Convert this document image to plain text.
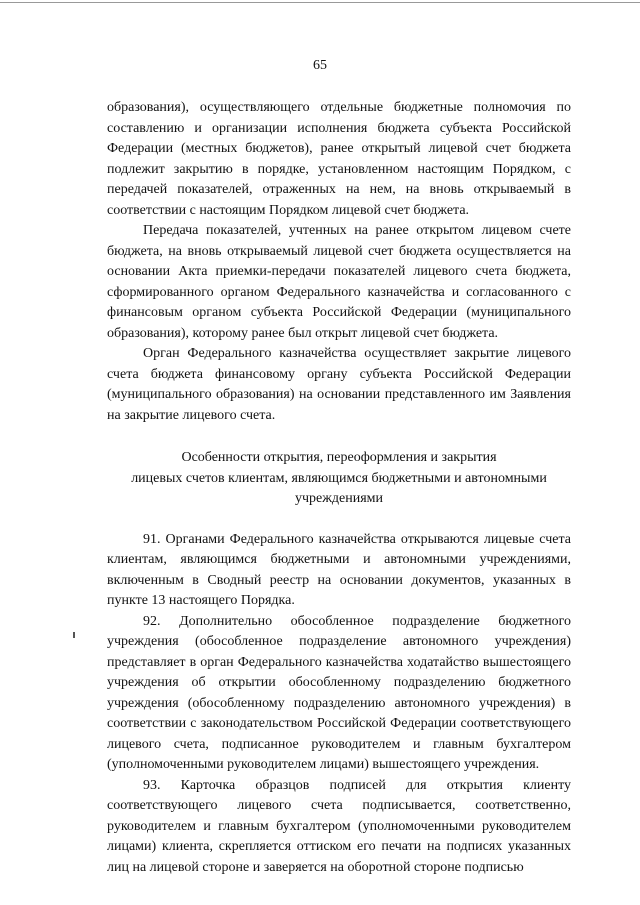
65

образования), осуществляющего отдельные бюджетные полномочия по составлению и организации исполнения бюджета субъекта Российской Федерации (местных бюджетов), ранее открытый лицевой счет бюджета подлежит закрытию в порядке, установленном настоящим Порядком, с передачей показателей, отраженных на нем, на вновь открываемый в соответствии с настоящим Порядком лицевой счет бюджета.

Передача показателей, учтенных на ранее открытом лицевом счете бюджета, на вновь открываемый лицевой счет бюджета осуществляется на основании Акта приемки-передачи показателей лицевого счета бюджета, сформированного органом Федерального казначейства и согласованного с финансовым органом субъекта Российской Федерации (муниципального образования), которому ранее был открыт лицевой счет бюджета.

Орган Федерального казначейства осуществляет закрытие лицевого счета бюджета финансовому органу субъекта Российской Федерации (муниципального образования) на основании представленного им Заявления на закрытие лицевого счета.

Особенности открытия, переоформления и закрытия
лицевых счетов клиентам, являющимся бюджетными и автономными
учреждениями

91. Органами Федерального казначейства открываются лицевые счета клиентам, являющимся бюджетными и автономными учреждениями, включенным в Сводный реестр на основании документов, указанных в пункте 13 настоящего Порядка.

92. Дополнительно обособленное подразделение бюджетного учреждения (обособленное подразделение автономного учреждения) представляет в орган Федерального казначейства ходатайство вышестоящего учреждения об открытии обособленному подразделению бюджетного учреждения (обособленному подразделению автономного учреждения) в соответствии с законодательством Российской Федерации соответствующего лицевого счета, подписанное руководителем и главным бухгалтером (уполномоченными руководителем лицами) вышестоящего учреждения.

93. Карточка образцов подписей для открытия клиенту соответствующего лицевого счета подписывается, соответственно, руководителем и главным бухгалтером (уполномоченными руководителем лицами) клиента, скрепляется оттиском его печати на подписях указанных лиц на лицевой стороне и заверяется на оборотной стороне подписью
